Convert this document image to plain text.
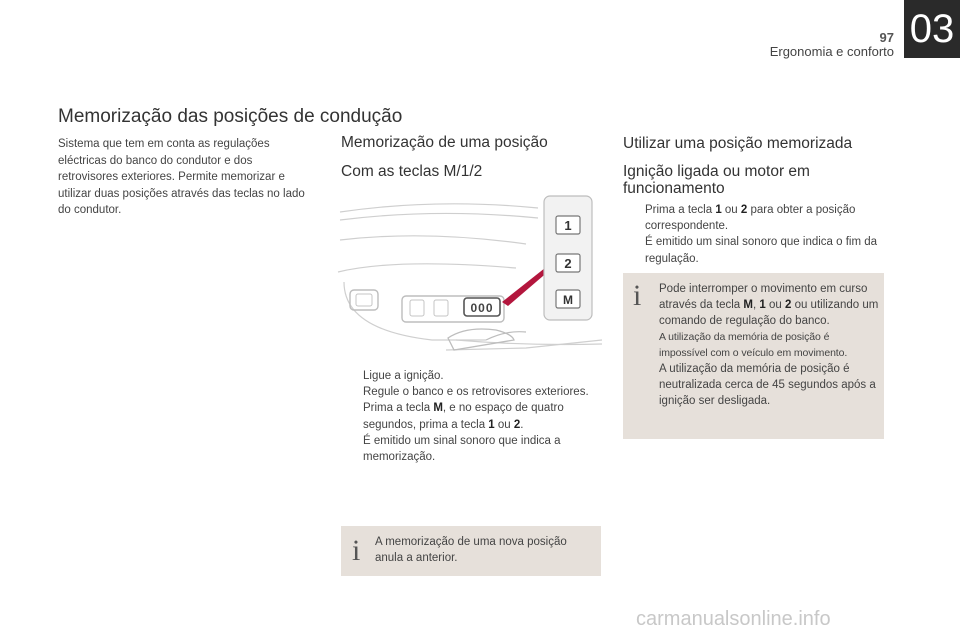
97
Ergonomia e conforto
03
Memorização das posições de condução

Sistema que tem em conta as regulações eléctricas do banco do condutor e dos retrovisores exteriores. Permite memorizar e utilizar duas posições através das teclas no lado do condutor.

Memorização de uma posição
Com as teclas M/1/2
000
1
2
M
Ligue a ignição.
Regule o banco e os retrovisores exteriores.
Prima a tecla M, e no espaço de quatro segundos, prima a tecla 1 ou 2.
É emitido um sinal sonoro que indica a memorização.
i A memorização de uma nova posição anula a anterior.
Utilizar uma posição memorizada
Ignição ligada ou motor em funcionamento
Prima a tecla 1 ou 2 para obter a posição correspondente.
É emitido um sinal sonoro que indica o fim da regulação.
i Pode interromper o movimento em curso através da tecla M, 1 ou 2 ou utilizando um comando de regulação do banco.
A utilização da memória de posição é impossível com o veículo em movimento.
A utilização da memória de posição é neutralizada cerca de 45 segundos após a ignição ser desligada.
carmanualsonline.info
